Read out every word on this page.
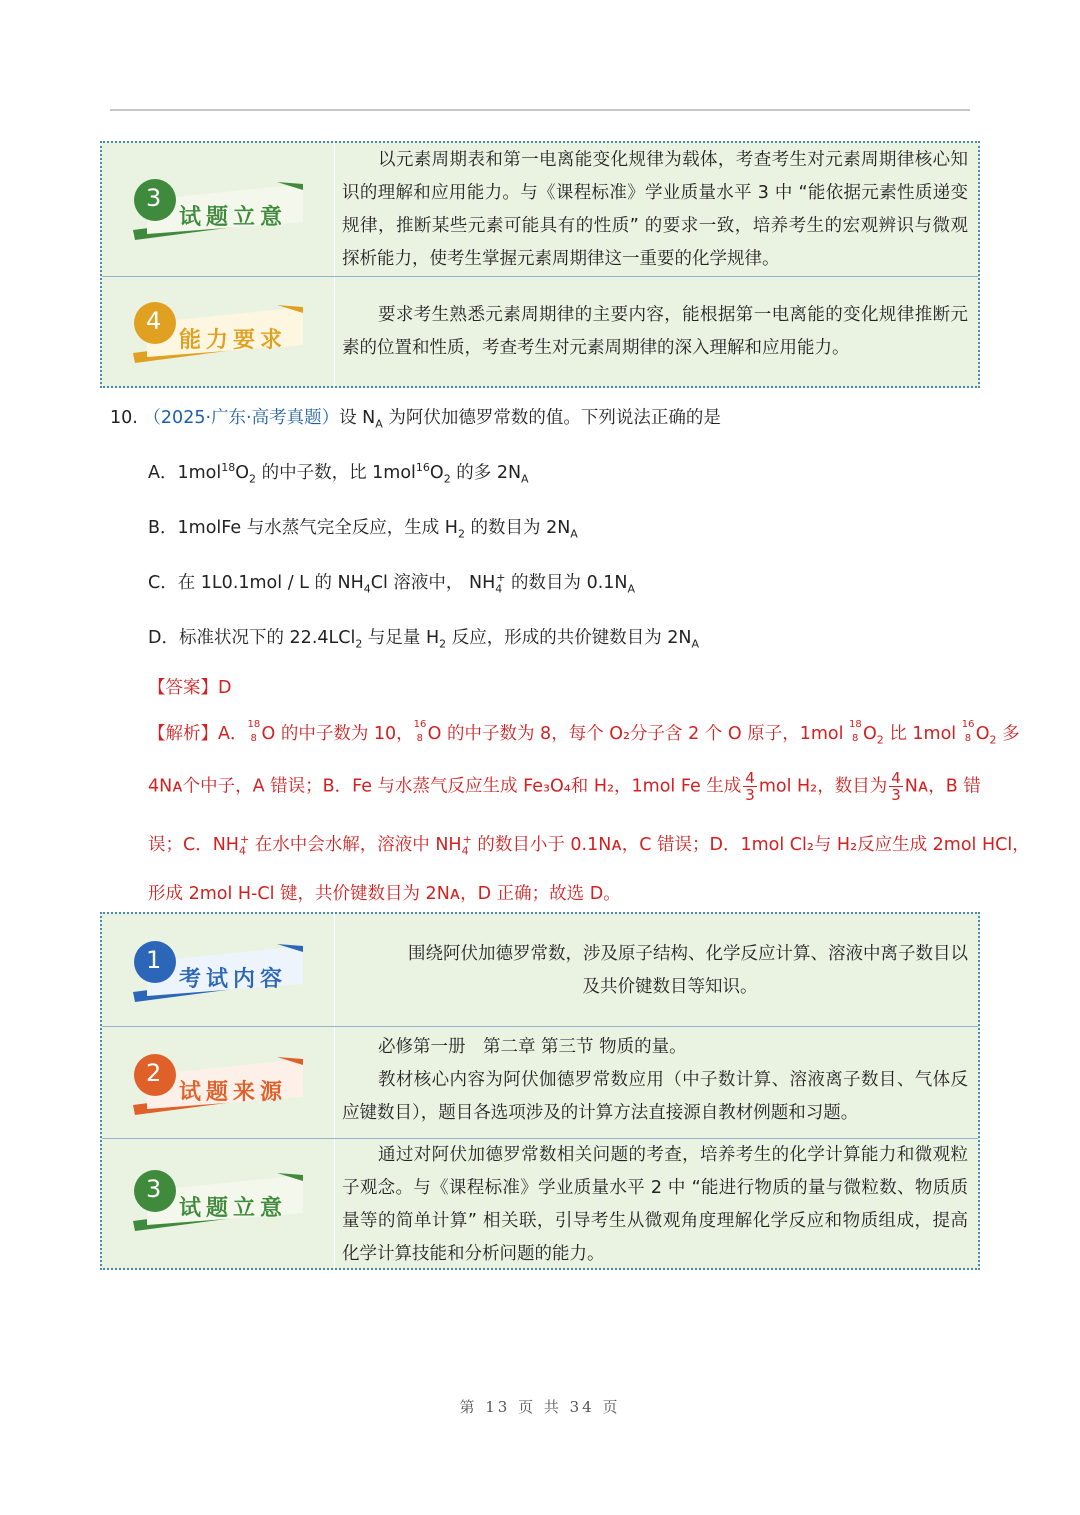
3
试题立意

以元素周期表和第一电离能变化规律为载体，考查考生对元素周期律核心知识的理解和应用能力。与《课程标准》学业质量水平 3 中 “能依据元素性质递变规律，推断某些元素可能具有的性质” 的要求一致，培养考生的宏观辨识与微观探析能力，使考生掌握元素周期律这一重要的化学规律。

4
能力要求

要求考生熟悉元素周期律的主要内容，能根据第一电离能的变化规律推断元素的位置和性质，考查考生对元素周期律的深入理解和应用能力。

10. （2025·广东·高考真题）设 $N_A$ 为阿伏加德罗常数的值。下列说法正确的是
A．$1mol^{18}O_2$ 的中子数，比 $1mol^{16}O_2$ 的多 $2N_A$
B．1molFe 与水蒸气完全反应，生成 $H_2$ 的数目为 $2N_A$
C．在 1L0.1mol / L 的 $NH_4Cl$ 溶液中， $NH_4^+$ 的数目为 $0.1N_A$
D．标准状况下的 22.4LCl$_2$ 与足量 $H_2$ 反应，形成的共价键数目为 $2N_A$
【答案】D
【解析】A． 18
8 O 的中子数为 10， 16
8 O 的中子数为 8，每个 O₂分子含 2 个 O 原子，1mol 18
8 $O_2$ 比 1mol 16
8 $O_2$ 多
4Nᴀ个中子，A 错误；B．Fe 与水蒸气反应生成 Fe₃O₄和 H₂，1mol Fe 生成 $\frac{4}{3}$ mol H₂，数目为 $\frac{4}{3}$ Nᴀ，B 错
误；C．$NH_4^+$ 在水中会水解，溶液中 $NH_4^+$ 的数目小于 0.1Nᴀ，C 错误；D．1mol Cl₂与 H₂反应生成 2mol HCl，
形成 2mol H-Cl 键，共价键数目为 2Nᴀ，D 正确；故选 D。
1
考试内容

围绕阿伏加德罗常数，涉及原子结构、化学反应计算、溶液中离子数目以及共价键数目等知识。

2
试题来源

必修第一册　第二章 第三节 物质的量。

教材核心内容为阿伏伽德罗常数应用（中子数计算、溶液离子数目、气体反应键数目），题目各选项涉及的计算方法直接源自教材例题和习题。

3
试题立意

通过对阿伏加德罗常数相关问题的考查，培养考生的化学计算能力和微观粒子观念。与《课程标准》学业质量水平 2 中 “能进行物质的量与微粒数、物质质量等的简单计算” 相关联，引导考生从微观角度理解化学反应和物质组成，提高化学计算技能和分析问题的能力。

第 13 页 共 34 页
